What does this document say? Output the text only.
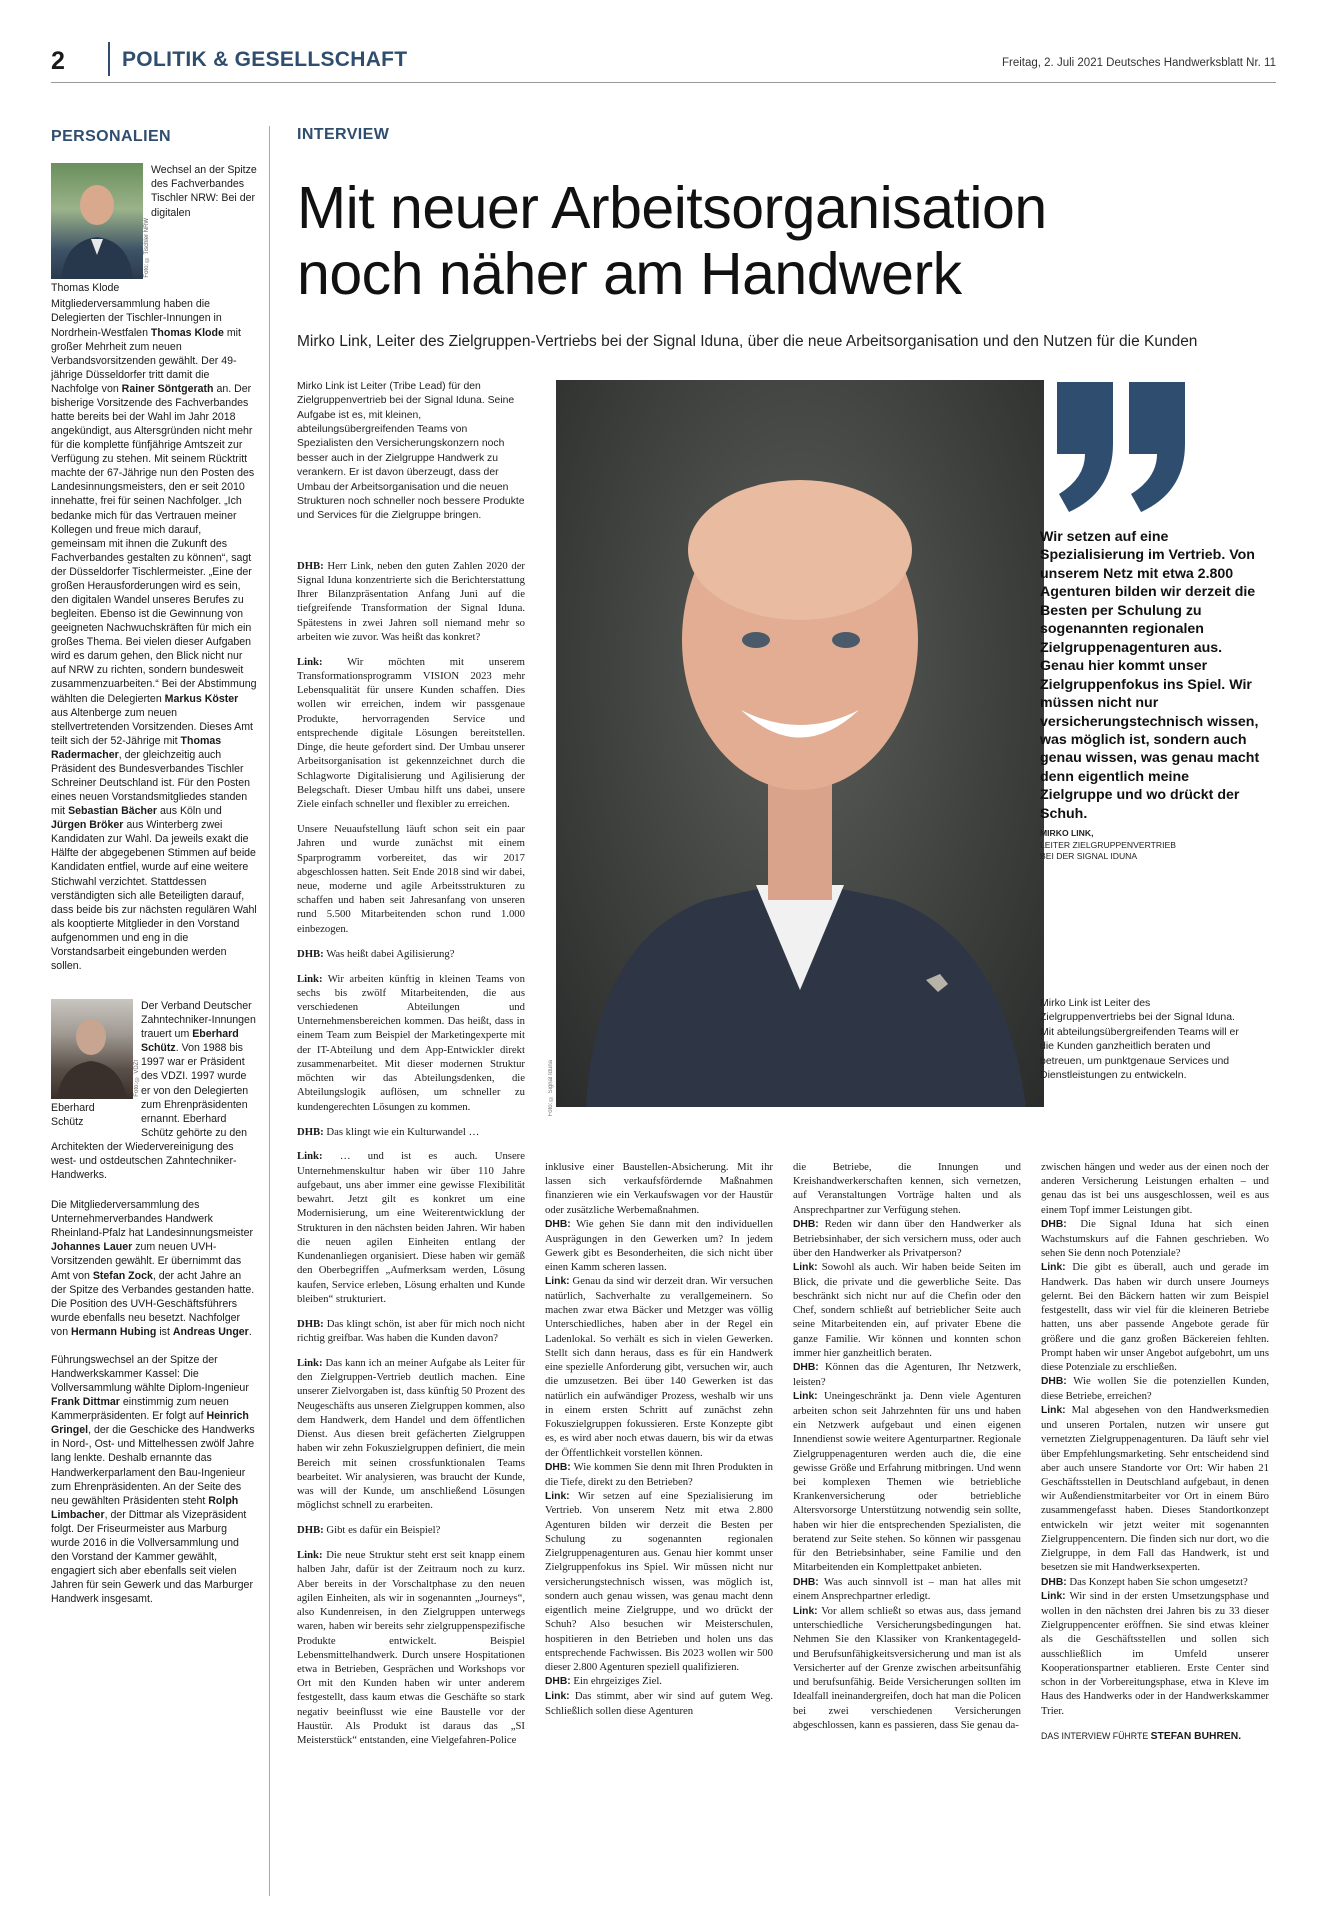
2	POLITIK & GESELLSCHAFT	Freitag, 2. Juli 2021 Deutsches Handwerksblatt Nr. 11
PERSONALIEN
Foto: © Tischler NRW
Thomas Klode

Wechsel an der Spitze des Fachverbandes Tischler NRW: Bei der digitalen Mitgliederversammlung haben die Delegierten der Tischler-Innungen in Nordrhein-Westfalen Thomas Klode mit großer Mehrheit zum neuen Verbandsvorsitzenden gewählt. Der 49-jährige Düsseldorfer tritt damit die Nachfolge von Rainer Söntgerath an. Der bisherige Vorsitzende des Fachverbandes hatte bereits bei der Wahl im Jahr 2018 angekündigt, aus Altersgründen nicht mehr für die komplette fünfjährige Amtszeit zur Verfügung zu stehen. Mit seinem Rücktritt machte der 67-Jährige nun den Posten des Landesinnungsmeisters, den er seit 2010 innehatte, frei für seinen Nachfolger. „Ich bedanke mich für das Vertrauen meiner Kollegen und freue mich darauf, gemeinsam mit ihnen die Zukunft des Fachverbandes gestalten zu können“, sagt der Düsseldorfer Tischlermeister. „Eine der großen Herausforderungen wird es sein, den digitalen Wandel unseres Berufes zu begleiten. Ebenso ist die Gewinnung von geeigneten Nachwuchskräften für mich ein großes Thema. Bei vielen dieser Aufgaben wird es darum gehen, den Blick nicht nur auf NRW zu richten, sondern bundesweit zusammenzuarbeiten.“ Bei der Abstimmung wählten die Delegierten Markus Köster aus Altenberge zum neuen stellvertretenden Vorsitzenden. Dieses Amt teilt sich der 52-Jährige mit Thomas Radermacher, der gleichzeitig auch Präsident des Bundesverbandes Tischler Schreiner Deutschland ist. Für den Posten eines neuen Vorstandsmitgliedes standen mit Sebastian Bächer aus Köln und Jürgen Bröker aus Winterberg zwei Kandidaten zur Wahl. Da jeweils exakt die Hälfte der abgegebenen Stimmen auf beide Kandidaten entfiel, wurde auf eine weitere Stichwahl verzichtet. Stattdessen verständigten sich alle Beteiligten darauf, dass beide bis zur nächsten regulären Wahl als kooptierte Mitglieder in den Vorstand aufgenommen und eng in die Vorstandsarbeit eingebunden werden sollen.

Foto: © VDZI
Eberhard Schütz

Der Verband Deutscher Zahntechniker-Innungen trauert um Eberhard Schütz. Von 1988 bis 1997 war er Präsident des VDZI. 1997 wurde er von den Delegierten zum Ehrenpräsidenten ernannt. Eberhard Schütz gehörte zu den Architekten der Wiedervereinigung des west- und ostdeutschen Zahntechniker-Handwerks.

Die Mitgliederversammlung des Unternehmerverbandes Handwerk Rheinland-Pfalz hat Landesinnungsmeister Johannes Lauer zum neuen UVH-Vorsitzenden gewählt. Er übernimmt das Amt von Stefan Zock, der acht Jahre an der Spitze des Verbandes gestanden hatte. Die Position des UVH-Geschäftsführers wurde ebenfalls neu besetzt. Nachfolger von Hermann Hubing ist Andreas Unger.

Führungswechsel an der Spitze der Handwerkskammer Kassel: Die Vollversammlung wählte Diplom-Ingenieur Frank Dittmar einstimmig zum neuen Kammerpräsidenten. Er folgt auf Heinrich Gringel, der die Geschicke des Handwerks in Nord-, Ost- und Mittelhessen zwölf Jahre lang lenkte. Deshalb ernannte das Handwerkerparlament den Bau-Ingenieur zum Ehrenpräsidenten. An der Seite des neu gewählten Präsidenten steht Rolph Limbacher, der Dittmar als Vizepräsident folgt. Der Friseurmeister aus Marburg wurde 2016 in die Vollversammlung und den Vorstand der Kammer gewählt, engagiert sich aber ebenfalls seit vielen Jahren für sein Gewerk und das Marburger Handwerk insgesamt.

INTERVIEW
Mit neuer Arbeitsorganisation
noch näher am Handwerk
Mirko Link, Leiter des Zielgruppen-Vertriebs bei der Signal Iduna, über die neue Arbeitsorganisation und den Nutzen für die Kunden
Mirko Link ist Leiter (Tribe Lead) für den Zielgruppenvertrieb bei der Signal Iduna. Seine Aufgabe ist es, mit kleinen, abteilungsübergreifenden Teams von Spezialisten den Versicherungskonzern noch besser auch in der Zielgruppe Handwerk zu verankern. Er ist davon überzeugt, dass der Umbau der Arbeitsorganisation und die neuen Strukturen noch schneller noch bessere Produkte und Services für die Zielgruppe bringen.

DHB: Herr Link, neben den guten Zahlen 2020 der Signal Iduna konzentrierte sich die Berichterstattung Ihrer Bilanzpräsentation Anfang Juni auf die tiefgreifende Transformation der Signal Iduna. Spätestens in zwei Jahren soll niemand mehr so arbeiten wie zuvor. Was heißt das konkret?

Link: Wir möchten mit unserem Transformationsprogramm VISION 2023 mehr Lebensqualität für unsere Kunden schaffen. Dies wollen wir erreichen, indem wir passgenaue Produkte, hervorragenden Service und entsprechende digitale Lösungen bereitstellen. Dinge, die heute gefordert sind. Der Umbau unserer Arbeitsorganisation ist gekennzeichnet durch die Schlagworte Digitalisierung und Agilisierung der Belegschaft. Dieser Umbau hilft uns dabei, unsere Ziele einfach schneller und flexibler zu erreichen.

Unsere Neuaufstellung läuft schon seit ein paar Jahren und wurde zunächst mit einem Sparprogramm vorbereitet, das wir 2017 abgeschlossen hatten. Seit Ende 2018 sind wir dabei, neue, moderne und agile Arbeitsstrukturen zu schaffen und haben seit Jahresanfang von unseren rund 5.500 Mitarbeitenden schon rund 1.000 einbezogen.

DHB: Was heißt dabei Agilisierung?

Link: Wir arbeiten künftig in kleinen Teams von sechs bis zwölf Mitarbeitenden, die aus verschiedenen Abteilungen und Unternehmensbereichen kommen. Das heißt, dass in einem Team zum Beispiel der Marketingexperte mit der IT-Abteilung und dem App-Entwickler direkt zusammenarbeitet. Mit dieser modernen Struktur möchten wir das Abteilungsdenken, die Abteilungslogik auflösen, um schneller zu kundengerechten Lösungen zu kommen.

DHB: Das klingt wie ein Kulturwandel …

Link: … und ist es auch. Unsere Unternehmenskultur haben wir über 110 Jahre aufgebaut, uns aber immer eine gewisse Flexibilität bewahrt. Jetzt gilt es konkret um eine Modernisierung, um eine Weiterentwicklung der Strukturen in den nächsten beiden Jahren. Wir haben die neuen agilen Einheiten entlang der Kundenanliegen organisiert. Diese haben wir gemäß den Oberbegriffen „Aufmerksam werden, Lösung kaufen, Service erleben, Lösung erhalten und Kunde bleiben“ strukturiert.

DHB: Das klingt schön, ist aber für mich noch nicht richtig greifbar. Was haben die Kunden davon?

Link: Das kann ich an meiner Aufgabe als Leiter für den Zielgruppen-Vertrieb deutlich machen. Eine unserer Zielvorgaben ist, dass künftig 50 Prozent des Neugeschäfts aus unseren Zielgruppen kommen, also dem Handwerk, dem Handel und dem öffentlichen Dienst. Aus diesen breit gefächerten Zielgruppen haben wir zehn Fokuszielgruppen definiert, die mein Bereich mit seinen crossfunktionalen Teams bearbeitet. Wir analysieren, was braucht der Kunde, was will der Kunde, um anschließend Lösungen möglichst schnell zu erarbeiten.

DHB: Gibt es dafür ein Beispiel?

Link: Die neue Struktur steht erst seit knapp einem halben Jahr, dafür ist der Zeitraum noch zu kurz. Aber bereits in der Vorschaltphase zu den neuen agilen Einheiten, als wir in sogenannten „Journeys“, also Kundenreisen, in den Zielgruppen unterwegs waren, haben wir bereits sehr zielgruppenspezifische Produkte entwickelt. Beispiel Lebensmittelhandwerk. Durch unsere Hospitationen etwa in Betrieben, Gesprächen und Workshops vor Ort mit den Kunden haben wir unter anderem festgestellt, dass kaum etwas die Geschäfte so stark negativ beeinflusst wie eine Baustelle vor der Haustür. Als Produkt ist daraus das „SI Meisterstück“ entstanden, eine Vielgefahren-Police

Foto: © Signal Iduna
Wir setzen auf eine Spezialisierung im Vertrieb. Von unserem Netz mit etwa 2.800 Agenturen bilden wir derzeit die Besten per Schulung zu sogenannten regionalen Zielgruppenagenturen aus. Genau hier kommt unser Zielgruppenfokus ins Spiel. Wir müssen nicht nur versicherungstechnisch wissen, was möglich ist, sondern auch genau wissen, was genau macht denn eigentlich meine Zielgruppe und wo drückt der Schuh.
MIRKO LINK,
LEITER ZIELGRUPPENVERTRIEB
BEI DER SIGNAL IDUNA
Mirko Link ist Leiter des Zielgruppenvertriebs bei der Signal Iduna. Mit abteilungsübergreifenden Teams will er die Kunden ganzheitlich beraten und betreuen, um punktgenaue Services und Dienstleistungen zu entwickeln.

inklusive einer Baustellen-Absicherung. Mit ihr lassen sich verkaufsfördernde Maßnahmen finanzieren wie ein Verkaufswagen vor der Haustür oder zusätzliche Werbemaßnahmen.

DHB: Wie gehen Sie dann mit den individuellen Ausprägungen in den Gewerken um? In jedem Gewerk gibt es Besonderheiten, die sich nicht über einen Kamm scheren lassen.

Link: Genau da sind wir derzeit dran. Wir versuchen natürlich, Sachverhalte zu verallgemeinern. So machen zwar etwa Bäcker und Metzger was völlig Unterschiedliches, haben aber in der Regel ein Ladenlokal. So verhält es sich in vielen Gewerken. Stellt sich dann heraus, dass es für ein Handwerk eine spezielle Anforderung gibt, versuchen wir, auch die umzusetzen. Bei über 140 Gewerken ist das natürlich ein aufwändiger Prozess, weshalb wir uns in einem ersten Schritt auf zunächst zehn Fokuszielgruppen fokussieren. Erste Konzepte gibt es, es wird aber noch etwas dauern, bis wir da etwas der Öffentlichkeit vorstellen können.

DHB: Wie kommen Sie denn mit Ihren Produkten in die Tiefe, direkt zu den Betrieben?

Link: Wir setzen auf eine Spezialisierung im Vertrieb. Von unserem Netz mit etwa 2.800 Agenturen bilden wir derzeit die Besten per Schulung zu sogenannten regionalen Zielgruppenagenturen aus. Genau hier kommt unser Zielgruppenfokus ins Spiel. Wir müssen nicht nur versicherungstechnisch wissen, was möglich ist, sondern auch genau wissen, was genau macht denn eigentlich meine Zielgruppe, und wo drückt der Schuh? Also besuchen wir Meisterschulen, hospitieren in den Betrieben und holen uns das entsprechende Fachwissen. Bis 2023 wollen wir 500 dieser 2.800 Agenturen speziell qualifizieren.

DHB: Ein ehrgeiziges Ziel.

Link: Das stimmt, aber wir sind auf gutem Weg. Schließlich sollen diese Agenturen

die Betriebe, die Innungen und Kreishandwerkerschaften kennen, sich vernetzen, auf Veranstaltungen Vorträge halten und als Ansprechpartner zur Verfügung stehen.

DHB: Reden wir dann über den Handwerker als Betriebsinhaber, der sich versichern muss, oder auch über den Handwerker als Privatperson?

Link: Sowohl als auch. Wir haben beide Seiten im Blick, die private und die gewerbliche Seite. Das beschränkt sich nicht nur auf die Chefin oder den Chef, sondern schließt auf betrieblicher Seite auch seine Mitarbeitenden ein, auf privater Ebene die ganze Familie. Wir können und konnten schon immer hier ganzheitlich beraten.

DHB: Können das die Agenturen, Ihr Netzwerk, leisten?

Link: Uneingeschränkt ja. Denn viele Agenturen arbeiten schon seit Jahrzehnten für uns und haben ein Netzwerk aufgebaut und einen eigenen Innendienst sowie weitere Agenturpartner. Regionale Zielgruppenagenturen werden auch die, die eine gewisse Größe und Erfahrung mitbringen. Und wenn bei komplexen Themen wie betriebliche Krankenversicherung oder betriebliche Altersvorsorge Unterstützung notwendig sein sollte, haben wir hier die entsprechenden Spezialisten, die beratend zur Seite stehen. So können wir passgenau für den Betriebsinhaber, seine Familie und den Mitarbeitenden ein Komplettpaket anbieten.

DHB: Was auch sinnvoll ist – man hat alles mit einem Ansprechpartner erledigt.

Link: Vor allem schließt so etwas aus, dass jemand unterschiedliche Versicherungsbedingungen hat. Nehmen Sie den Klassiker von Krankentagegeld- und Berufsunfähigkeitsversicherung und man ist als Versicherter auf der Grenze zwischen arbeitsunfähig und berufsunfähig. Beide Versicherungen sollten im Idealfall ineinandergreifen, doch hat man die Policen bei zwei verschiedenen Versicherungen abgeschlossen, kann es passieren, dass Sie genau da-

zwischen hängen und weder aus der einen noch der anderen Versicherung Leistungen erhalten – und genau das ist bei uns ausgeschlossen, weil es aus einem Topf immer Leistungen gibt.

DHB: Die Signal Iduna hat sich einen Wachstumskurs auf die Fahnen geschrieben. Wo sehen Sie denn noch Potenziale?

Link: Die gibt es überall, auch und gerade im Handwerk. Das haben wir durch unsere Journeys gelernt. Bei den Bäckern hatten wir zum Beispiel festgestellt, dass wir viel für die kleineren Betriebe hatten, uns aber passende Angebote gerade für größere und die ganz großen Bäckereien fehlten. Prompt haben wir unser Angebot aufgebohrt, um uns diese Potenziale zu erschließen.

DHB: Wie wollen Sie die potenziellen Kunden, diese Betriebe, erreichen?

Link: Mal abgesehen von den Handwerksmedien und unseren Portalen, nutzen wir unsere gut vernetzten Zielgruppenagenturen. Da läuft sehr viel über Empfehlungsmarketing. Sehr entscheidend sind aber auch unsere Standorte vor Ort: Wir haben 21 Geschäftsstellen in Deutschland aufgebaut, in denen wir Außendienstmitarbeiter vor Ort in einem Büro zusammengefasst haben. Dieses Standortkonzept entwickeln wir jetzt weiter mit sogenannten Zielgruppencentern. Die finden sich nur dort, wo die Zielgruppe, in dem Fall das Handwerk, ist und besetzen sie mit Handwerksexperten.

DHB: Das Konzept haben Sie schon umgesetzt?

Link: Wir sind in der ersten Umsetzungsphase und wollen in den nächsten drei Jahren bis zu 33 dieser Zielgruppencenter eröffnen. Sie sind etwas kleiner als die Geschäftsstellen und sollen sich ausschließlich im Umfeld unserer Kooperationspartner etablieren. Erste Center sind schon in der Vorbereitungsphase, etwa in Kleve im Haus des Handwerks oder in der Handwerkskammer Trier.

DAS INTERVIEW FÜHRTE STEFAN BUHREN.
